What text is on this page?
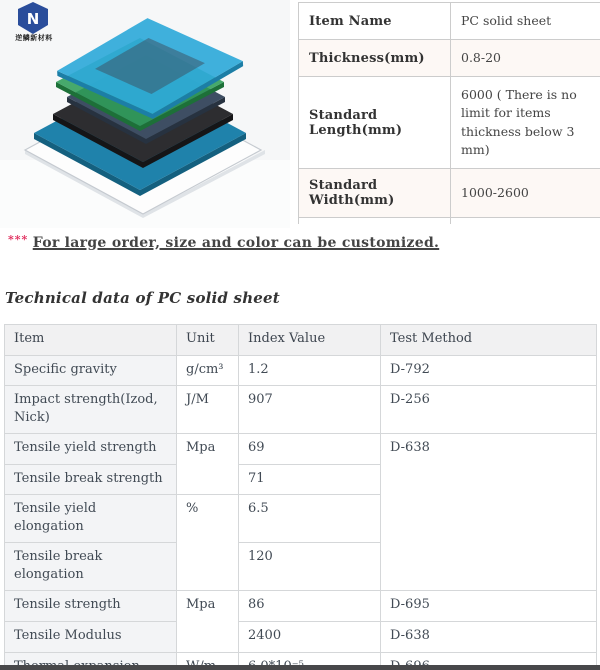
N
逆鳞新材料
Item Name	PC solid sheet
Thickness(mm)	0.8-20
Standard Length(mm)	6000 ( There is no limit for items thickness below 3 mm)
Standard Width(mm)	1000-2600

*** For large order, size and color can be customized.
Technical data of PC solid sheet
Item	Unit	Index Value	Test Method
Specific gravity	g/cm³	1.2	D-792
Impact strength(Izod, Nick)	J/M	907	D-256
Tensile yield strength	Mpa	69	D-638
Tensile break strength		71	
Tensile yield elongation	%	6.5	
Tensile break elongation		120	
Tensile strength	Mpa	86	D-695
Tensile Modulus		2400	D-638
